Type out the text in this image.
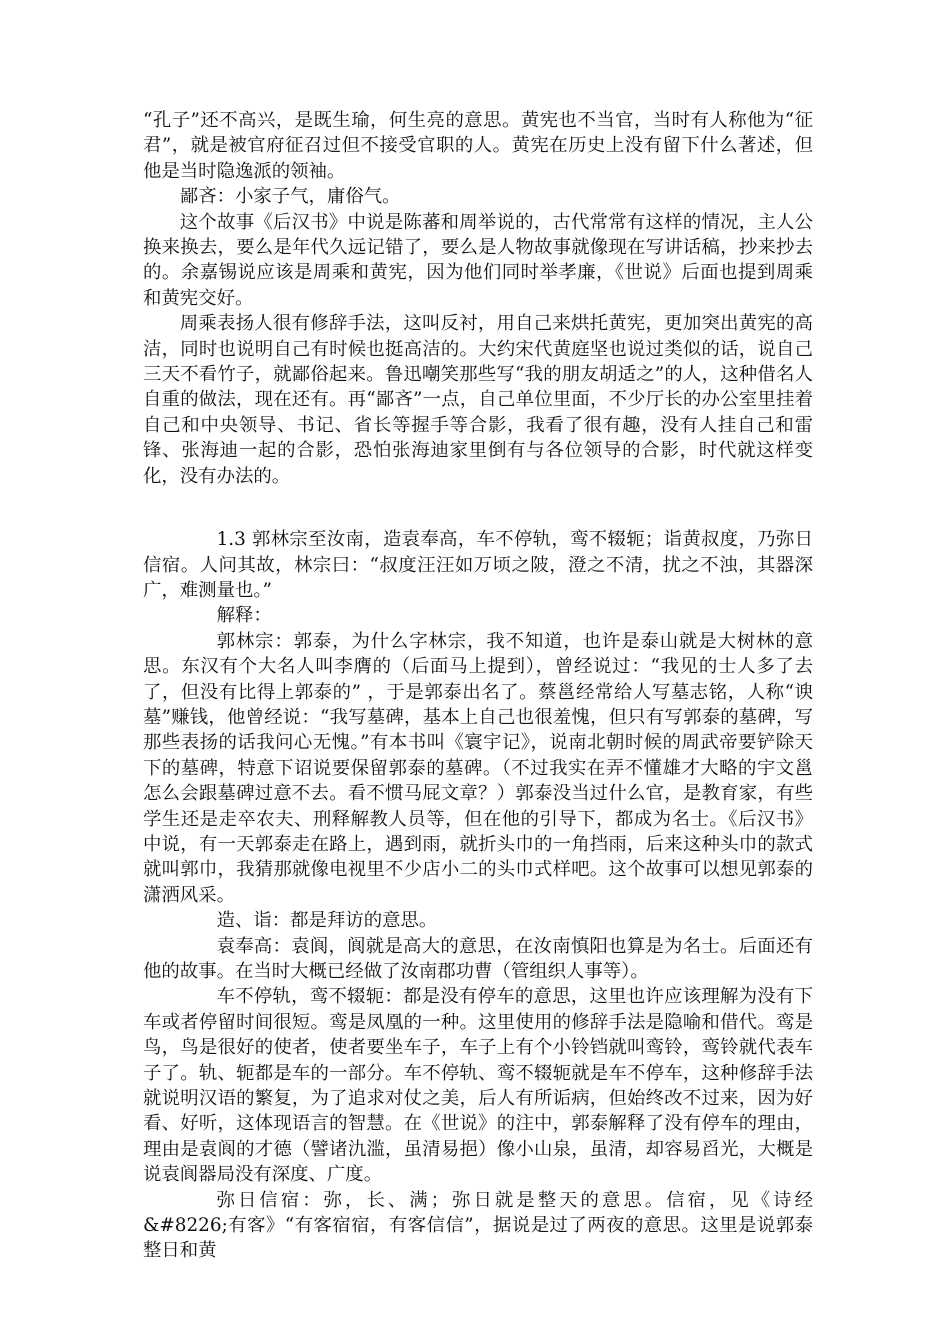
“孔子”还不高兴，是既生瑜，何生亮的意思。黄宪也不当官，当时有人称他为“征君”，就是被官府征召过但不接受官职的人。黄宪在历史上没有留下什么著述，但他是当时隐逸派的领袖。

鄙吝：小家子气，庸俗气。

这个故事《后汉书》中说是陈蕃和周举说的，古代常常有这样的情况，主人公换来换去，要么是年代久远记错了，要么是人物故事就像现在写讲话稿，抄来抄去的。余嘉锡说应该是周乘和黄宪，因为他们同时举孝廉，《世说》后面也提到周乘和黄宪交好。

周乘表扬人很有修辞手法，这叫反衬，用自己来烘托黄宪，更加突出黄宪的高洁，同时也说明自己有时候也挺高洁的。大约宋代黄庭坚也说过类似的话，说自己三天不看竹子，就鄙俗起来。鲁迅嘲笑那些写“我的朋友胡适之”的人，这种借名人自重的做法，现在还有。再“鄙吝”一点，自己单位里面，不少厅长的办公室里挂着自己和中央领导、书记、省长等握手等合影，我看了很有趣，没有人挂自己和雷锋、张海迪一起的合影，恐怕张海迪家里倒有与各位领导的合影，时代就这样变化，没有办法的。

1.3 郭林宗至汝南，造袁奉高，车不停轨，鸾不辍轭；诣黄叔度，乃弥日信宿。人问其故，林宗曰：“叔度汪汪如万顷之陂，澄之不清，扰之不浊，其器深广，难测量也。”

解释：

郭林宗：郭泰，为什么字林宗，我不知道，也许是泰山就是大树林的意思。东汉有个大名人叫李膺的（后面马上提到），曾经说过：“我见的士人多了去了，但没有比得上郭泰的” ，于是郭泰出名了。蔡邕经常给人写墓志铭，人称“谀墓”赚钱，他曾经说：“我写墓碑，基本上自己也很羞愧，但只有写郭泰的墓碑，写那些表扬的话我问心无愧。”有本书叫《寰宇记》，说南北朝时候的周武帝要铲除天下的墓碑，特意下诏说要保留郭泰的墓碑。（不过我实在弄不懂雄才大略的宇文邕怎么会跟墓碑过意不去。看不惯马屁文章？）郭泰没当过什么官，是教育家，有些学生还是走卒农夫、刑释解教人员等，但在他的引导下，都成为名士。《后汉书》中说，有一天郭泰走在路上，遇到雨，就折头巾的一角挡雨，后来这种头巾的款式就叫郭巾，我猜那就像电视里不少店小二的头巾式样吧。这个故事可以想见郭泰的潇洒风采。

造、诣：都是拜访的意思。

袁奉高：袁阆，阆就是高大的意思，在汝南慎阳也算是为名士。后面还有他的故事。在当时大概已经做了汝南郡功曹（管组织人事等）。

车不停轨，鸾不辍轭：都是没有停车的意思，这里也许应该理解为没有下车或者停留时间很短。鸾是凤凰的一种。这里使用的修辞手法是隐喻和借代。鸾是鸟，鸟是很好的使者，使者要坐车子，车子上有个小铃铛就叫鸾铃，鸾铃就代表车子了。轨、轭都是车的一部分。车不停轨、鸾不辍轭就是车不停车，这种修辞手法就说明汉语的繁复，为了追求对仗之美，后人有所诟病，但始终改不过来，因为好看、好听，这体现语言的智慧。在《世说》的注中，郭泰解释了没有停车的理由，理由是袁阆的才德（譬诸氿滥，虽清易挹）像小山泉，虽清，却容易舀光，大概是说袁阆器局没有深度、广度。

弥日信宿：弥，长、满；弥日就是整天的意思。信宿，见《诗经&#8226;有客》“有客宿宿，有客信信”，据说是过了两夜的意思。这里是说郭泰整日和黄
